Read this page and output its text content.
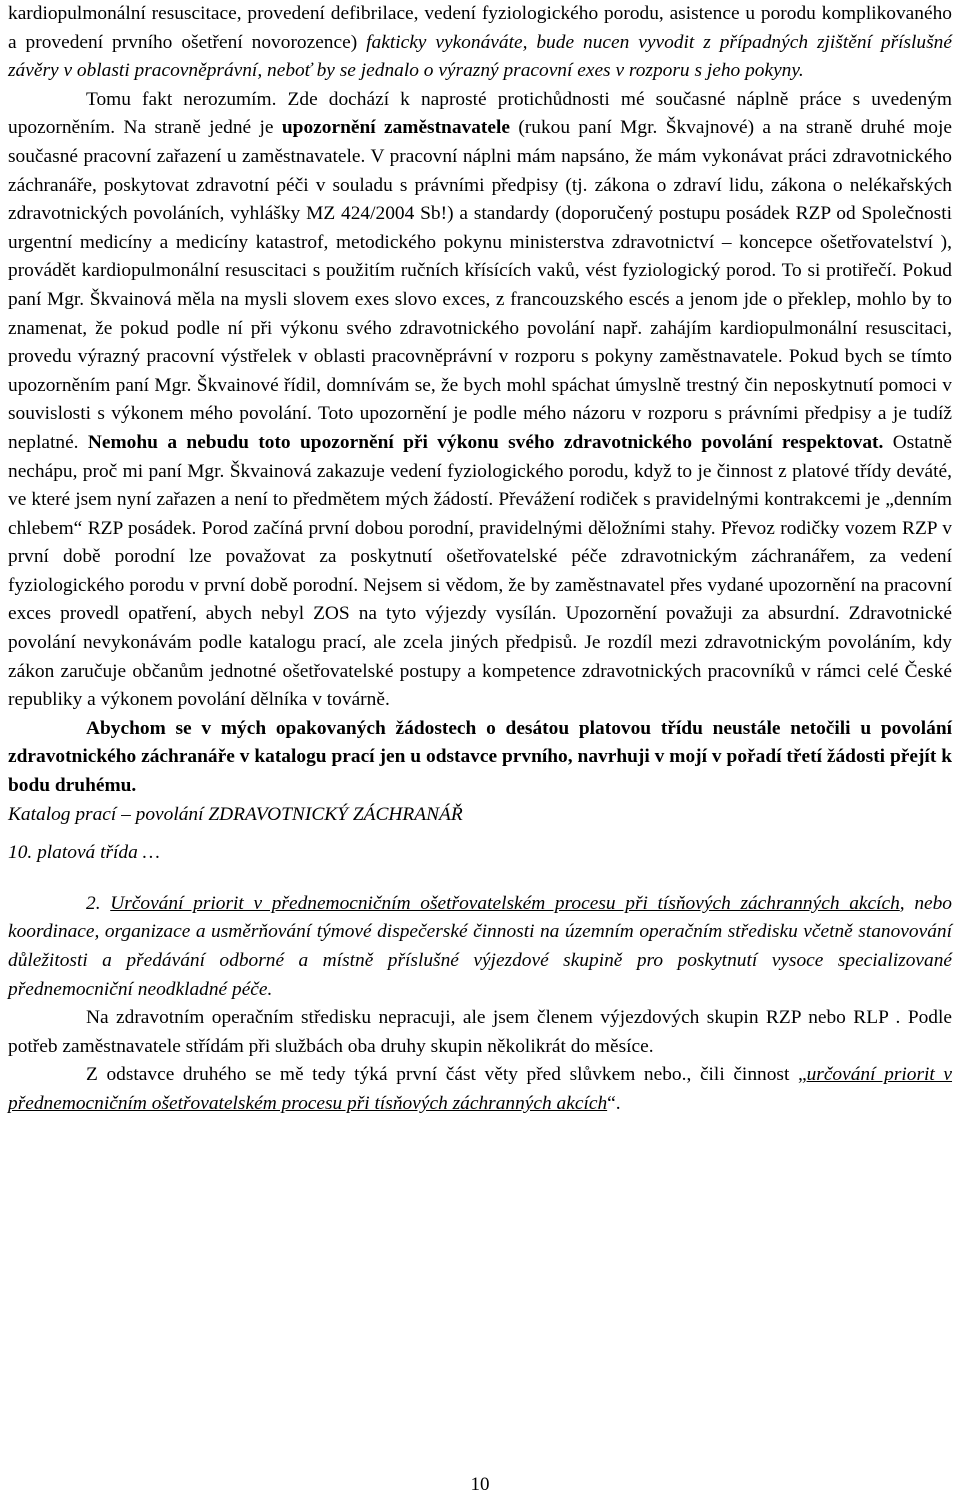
kardiopulmonální resuscitace, provedení defibrilace, vedení fyziologického porodu, asistence u porodu komplikovaného a provedení prvního ošetření novorozence) fakticky vykonáváte, bude nucen vyvodit z případných zjištění příslušné závěry v oblasti pracovněprávní, neboť by se jednalo o výrazný pracovní exes v rozporu s jeho pokyny.

Tomu fakt nerozumím. Zde dochází k naprosté protichůdnosti mé současné náplně práce s uvedeným upozorněním. Na straně jedné je upozornění zaměstnavatele (rukou paní Mgr. Škvajnové) a na straně druhé moje současné pracovní zařazení u zaměstnavatele. V pracovní náplni mám napsáno, že mám vykonávat práci zdravotnického záchranáře, poskytovat zdravotní péči v souladu s právními předpisy (tj. zákona o zdraví lidu, zákona o nelékařských zdravotnických povoláních, vyhlášky MZ 424/2004 Sb!) a standardy (doporučený postupu posádek RZP od Společnosti urgentní medicíny a medicíny katastrof, metodického pokynu ministerstva zdravotnictví – koncepce ošetřovatelství ), provádět kardiopulmonální resuscitaci s použitím ručních křísících vaků, vést fyziologický porod. To si protiřečí. Pokud paní Mgr. Škvainová měla na mysli slovem exes slovo exces, z francouzského escés a jenom jde o překlep, mohlo by to znamenat, že pokud podle ní při výkonu svého zdravotnického povolání např. zahájím kardiopulmonální resuscitaci, provedu výrazný pracovní výstřelek v oblasti pracovněprávní v rozporu s pokyny zaměstnavatele. Pokud bych se tímto upozorněním paní Mgr. Škvainové řídil, domnívám se, že bych mohl spáchat úmyslně trestný čin neposkytnutí pomoci v souvislosti s výkonem mého povolání. Toto upozornění je podle mého názoru v rozporu s právními předpisy a je tudíž neplatné. Nemohu a nebudu toto upozornění při výkonu svého zdravotnického povolání respektovat. Ostatně nechápu, proč mi paní Mgr. Škvainová zakazuje vedení fyziologického porodu, když to je činnost z platové třídy deváté, ve které jsem nyní zařazen a není to předmětem mých žádostí. Převážení rodiček s pravidelnými kontrakcemi je „denním chlebem“ RZP posádek. Porod začíná první dobou porodní, pravidelnými děložními stahy. Převoz rodičky vozem RZP v první době porodní lze považovat za poskytnutí ošetřovatelské péče zdravotnickým záchranářem, za vedení fyziologického porodu v první době porodní. Nejsem si vědom, že by zaměstnavatel přes vydané upozornění na pracovní exces provedl opatření, abych nebyl ZOS na tyto výjezdy vysílán. Upozornění považuji za absurdní. Zdravotnické povolání nevykonávám podle katalogu prací, ale zcela jiných předpisů. Je rozdíl mezi zdravotnickým povoláním, kdy zákon zaručuje občanům jednotné ošetřovatelské postupy a kompetence zdravotnických pracovníků v rámci celé České republiky a výkonem povolání dělníka v továrně.

Abychom se v mých opakovaných žádostech o desátou platovou třídu neustále netočili u povolání zdravotnického záchranáře v katalogu prací jen u odstavce prvního, navrhuji v mojí v pořadí třetí žádosti přejít k bodu druhému.

Katalog prací – povolání ZDRAVOTNICKÝ ZÁCHRANÁŘ

10. platová třída …

2. Určování priorit v přednemocničním ošetřovatelském procesu při tísňových záchranných akcích, nebo koordinace, organizace a usměrňování týmové dispečerské činnosti na územním operačním středisku včetně stanovování důležitosti a předávání odborné a místně příslušné výjezdové skupině pro poskytnutí vysoce specializované přednemocniční neodkladné péče.

Na zdravotním operačním středisku nepracuji, ale jsem členem výjezdových skupin RZP nebo RLP . Podle potřeb zaměstnavatele střídám při službách oba druhy skupin několikrát do měsíce.

Z odstavce druhého se mě tedy týká první část věty před slůvkem nebo., čili činnost „určování priorit v přednemocničním ošetřovatelském procesu při tísňových záchranných akcích“.

10
